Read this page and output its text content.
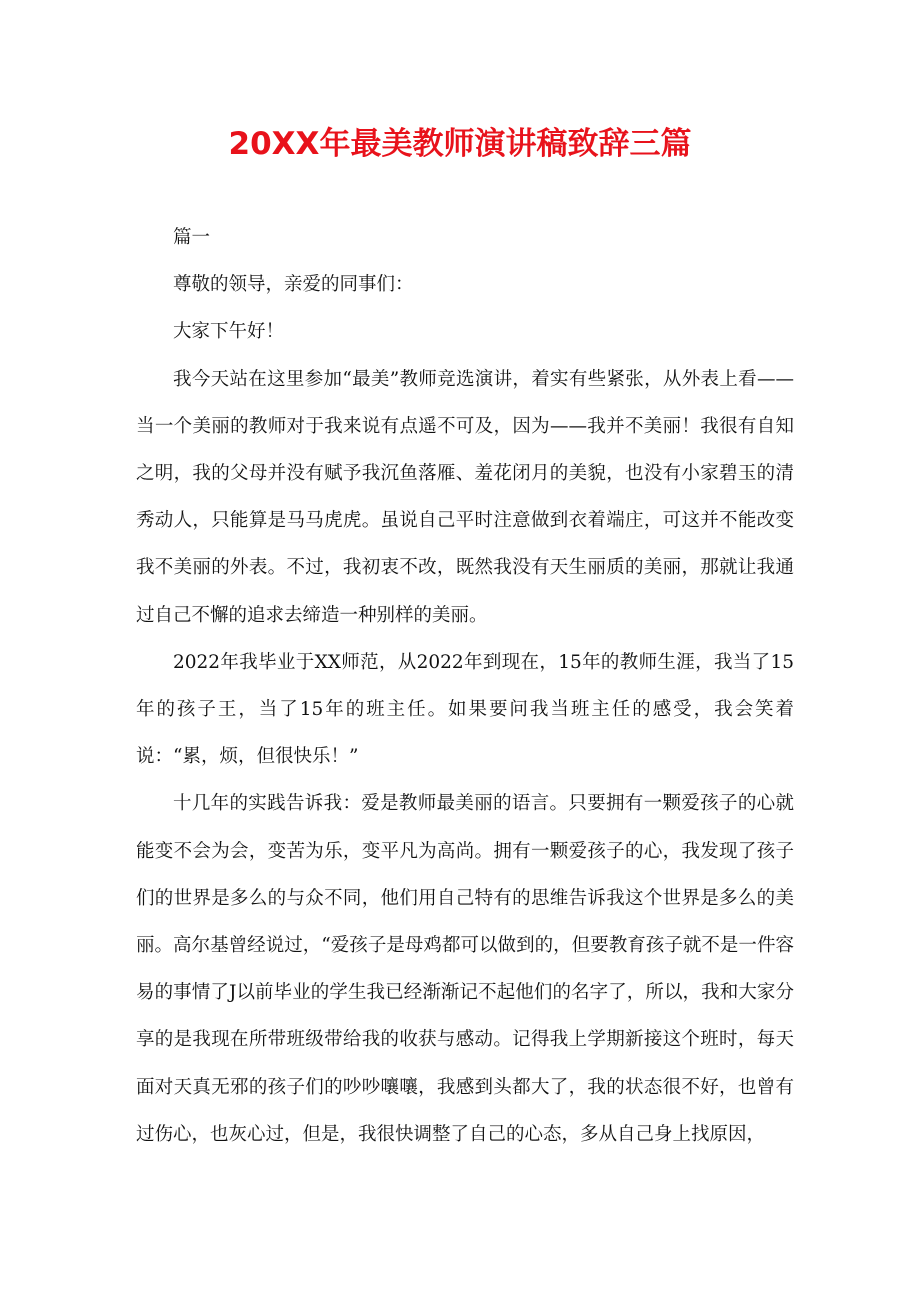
20XX年最美教师演讲稿致辞三篇

篇一

尊敬的领导，亲爱的同事们：

大家下午好！

我今天站在这里参加“最美”教师竞选演讲，着实有些紧张，从外表上看——当一个美丽的教师对于我来说有点遥不可及，因为——我并不美丽！我很有自知之明，我的父母并没有赋予我沉鱼落雁、羞花闭月的美貌，也没有小家碧玉的清秀动人，只能算是马马虎虎。虽说自己平时注意做到衣着端庄，可这并不能改变我不美丽的外表。不过，我初衷不改，既然我没有天生丽质的美丽，那就让我通过自己不懈的追求去缔造一种别样的美丽。

2022年我毕业于XX师范，从2022年到现在，15年的教师生涯，我当了15年的孩子王，当了15年的班主任。如果要问我当班主任的感受，我会笑着说：“累，烦，但很快乐！”

十几年的实践告诉我：爱是教师最美丽的语言。只要拥有一颗爱孩子的心就能变不会为会，变苦为乐，变平凡为高尚。拥有一颗爱孩子的心，我发现了孩子们的世界是多么的与众不同，他们用自己特有的思维告诉我这个世界是多么的美丽。高尔基曾经说过，“爱孩子是母鸡都可以做到的，但要教育孩子就不是一件容易的事情了J以前毕业的学生我已经渐渐记不起他们的名字了，所以，我和大家分享的是我现在所带班级带给我的收获与感动。记得我上学期新接这个班时，每天面对天真无邪的孩子们的吵吵嚷嚷，我感到头都大了，我的状态很不好，也曾有过伤心，也灰心过，但是，我很快调整了自己的心态，多从自己身上找原因，
